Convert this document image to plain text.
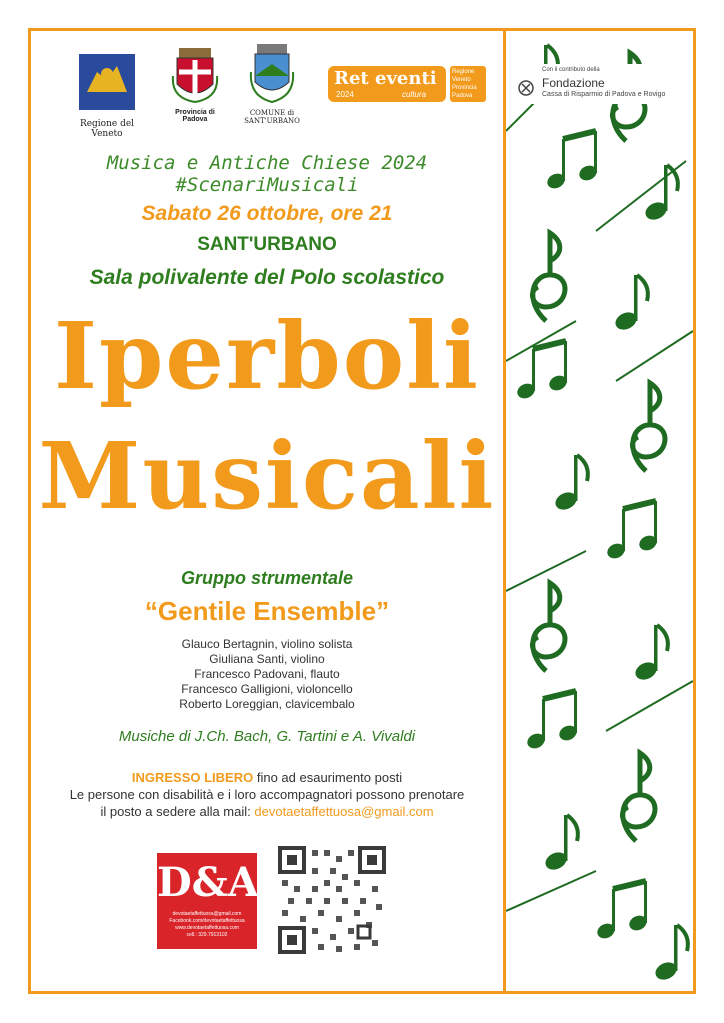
Regione del Veneto
Provincia di Padova
COMUNE di
SANT'URBANO
Ret eventi
2024	cultura
Regione
Veneto
Provincia
Padova
Con il contributo della
Fondazione
Cassa di Risparmio di Padova e Rovigo
Musica e Antiche Chiese 2024 #ScenariMusicali
Sabato 26 ottobre, ore 21
SANT'URBANO
Sala polivalente del Polo scolastico
Iperboli
Musicali
Gruppo strumentale
“Gentile Ensemble”
Glauco Bertagnin, violino solista
Giuliana Santi, violino
Francesco Padovani, flauto
Francesco Galligioni, violoncello
Roberto Loreggian, clavicembalo
Musiche di J.Ch. Bach, G. Tartini e A. Vivaldi
INGRESSO LIBERO fino ad esaurimento posti
Le persone con disabilità e i loro accompagnatori possono prenotare
il posto a sedere alla mail: devotaetaffettuosa@gmail.com
D&A
devotaetaffettuosa@gmail.com
Facebook.com/devotaetaffettuosa
www.devotaetaffettuosa.com
cell.: 329.7913102
